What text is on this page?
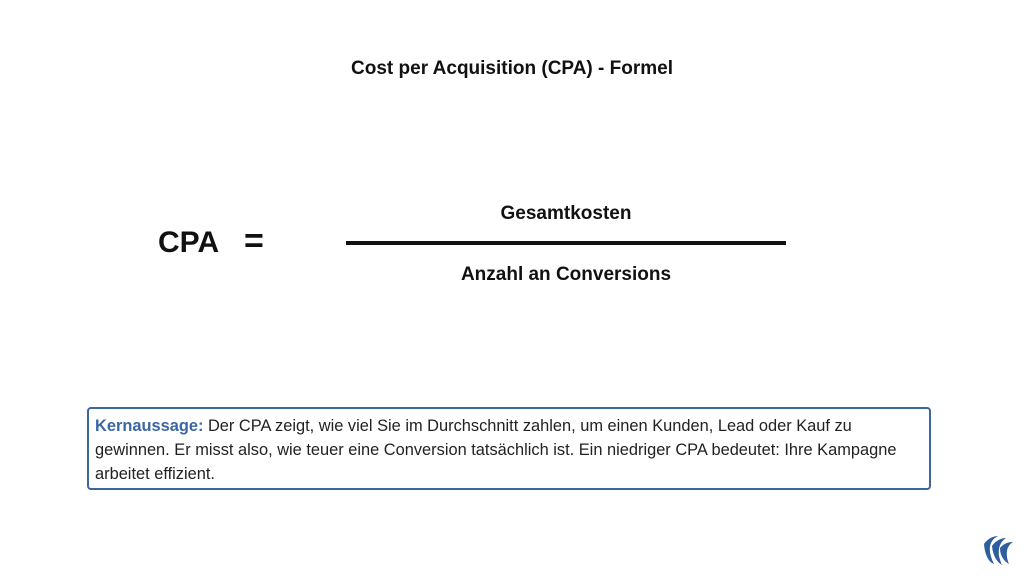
Cost per Acquisition (CPA) - Formel
CPA =
Gesamtkosten
Anzahl an Conversions
Kernaussage: Der CPA zeigt, wie viel Sie im Durchschnitt zahlen, um einen Kunden, Lead oder Kauf zu gewinnen. Er misst also, wie teuer eine Conversion tatsächlich ist. Ein niedriger CPA bedeutet: Ihre Kampagne arbeitet effizient.
